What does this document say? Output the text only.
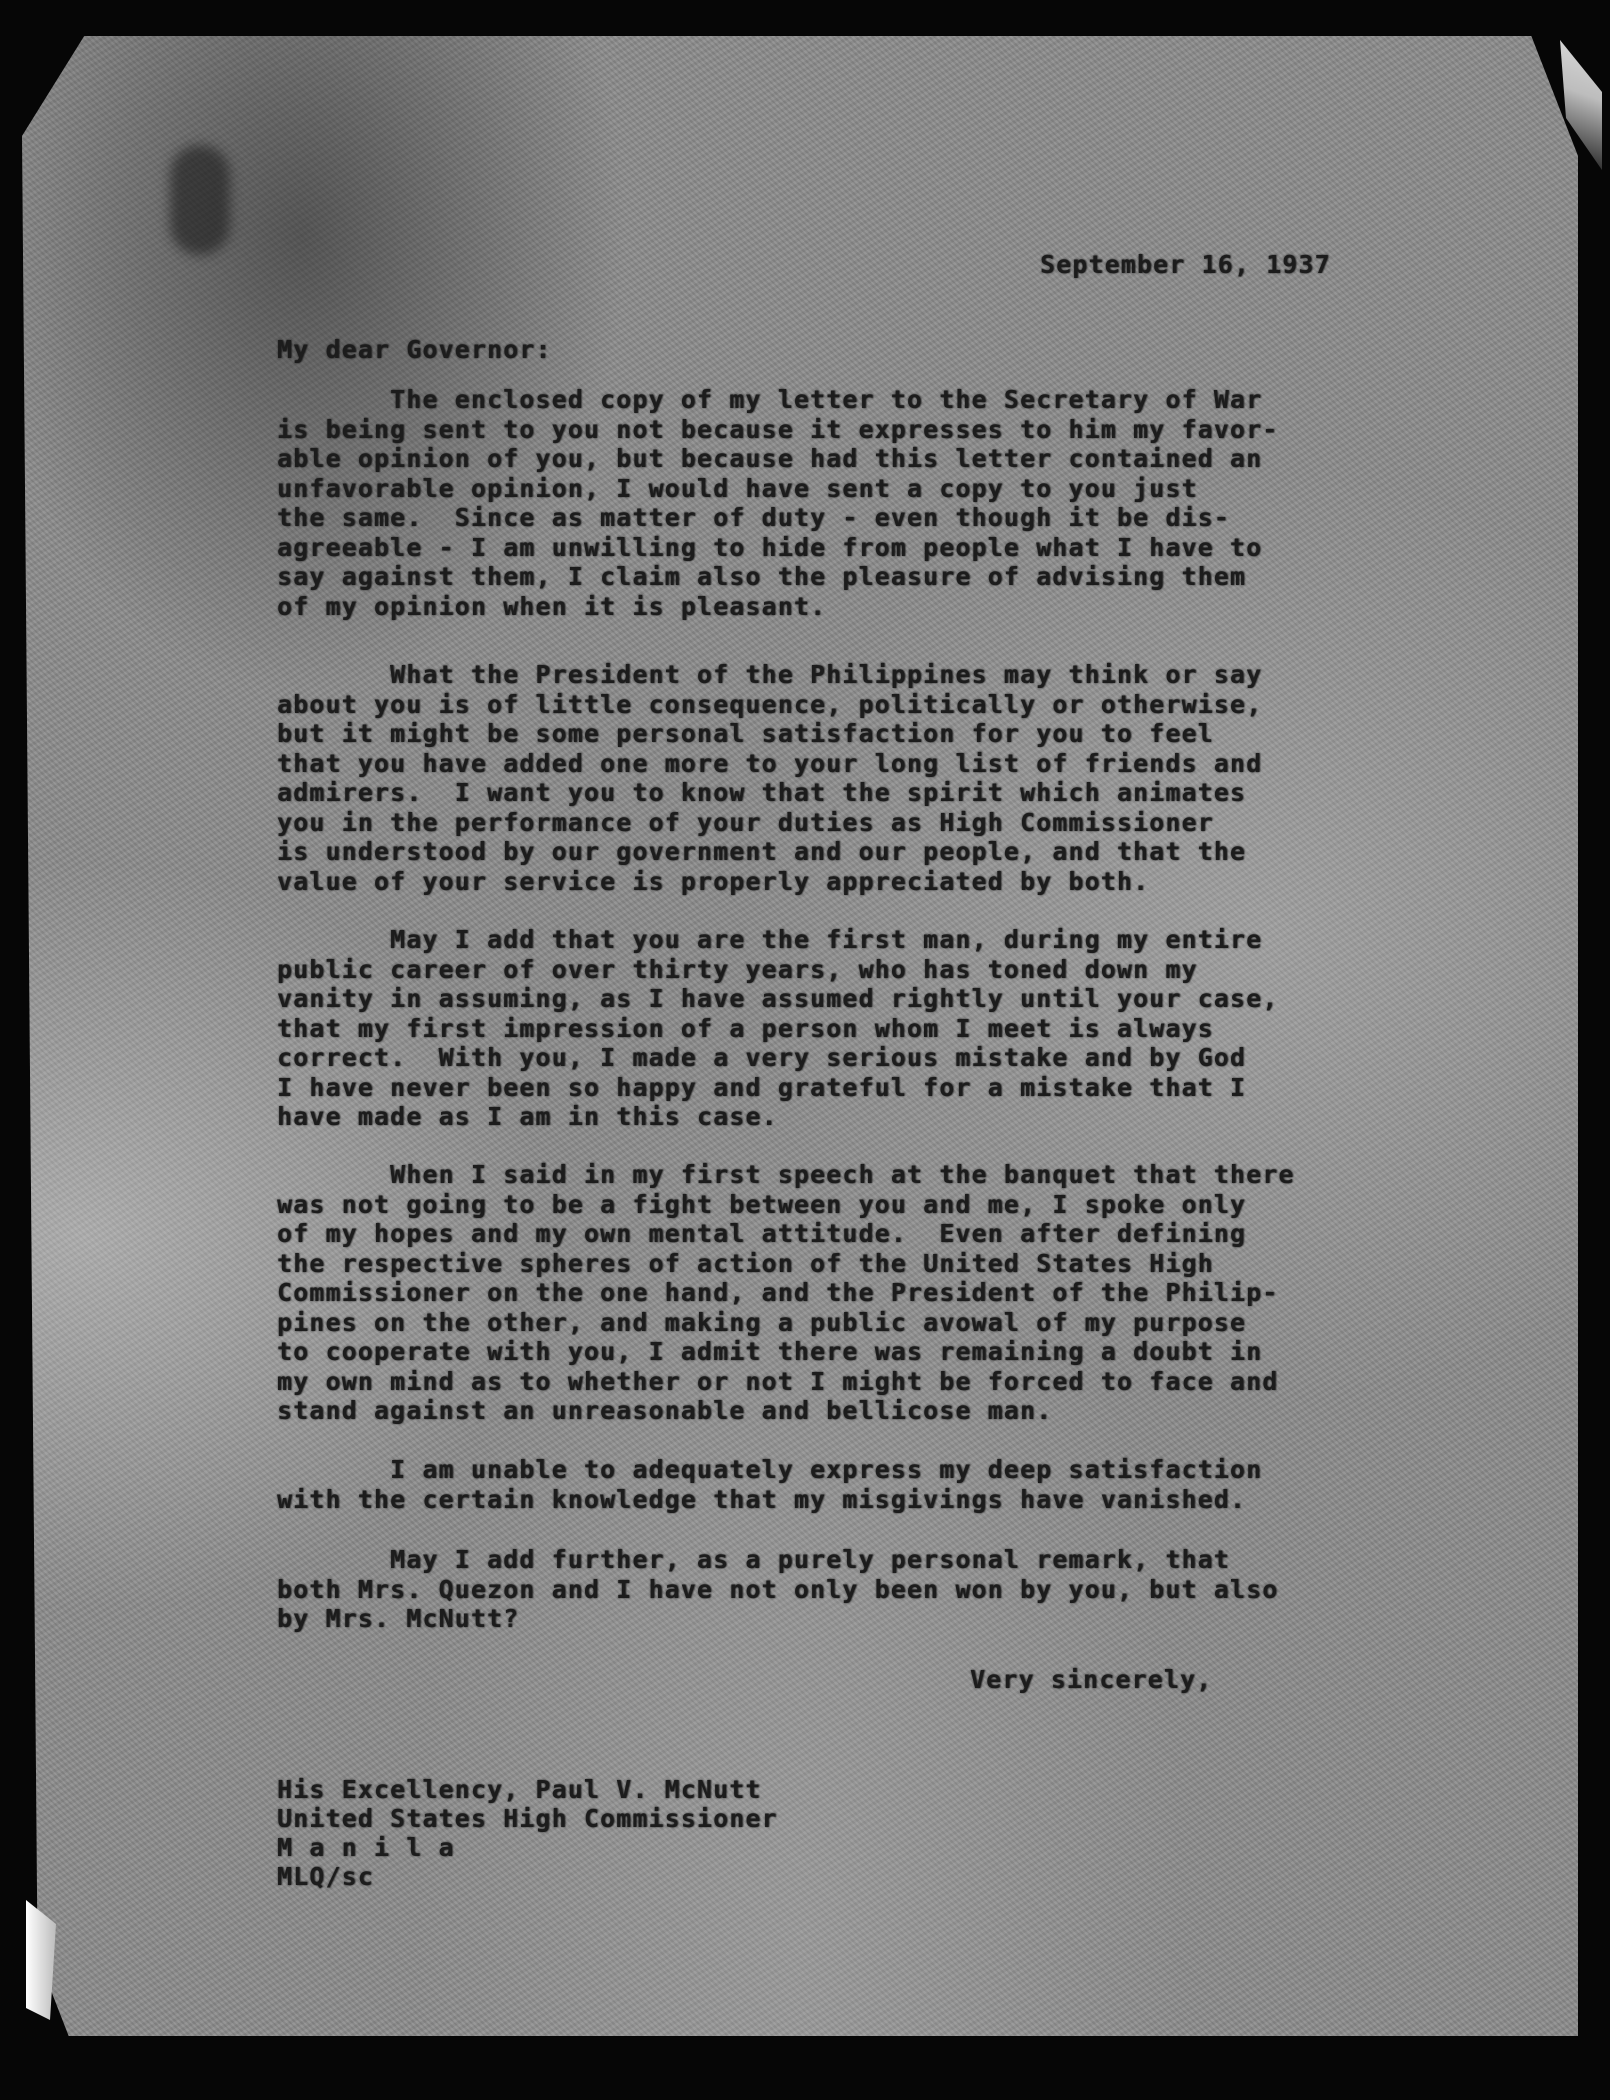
September 16, 1937
My dear Governor:
The enclosed copy of my letter to the Secretary of War
is being sent to you not because it expresses to him my favor-
able opinion of you, but because had this letter contained an
unfavorable opinion, I would have sent a copy to you just
the same.  Since as matter of duty - even though it be dis-
agreeable - I am unwilling to hide from people what I have to
say against them, I claim also the pleasure of advising them
of my opinion when it is pleasant.
What the President of the Philippines may think or say
about you is of little consequence, politically or otherwise,
but it might be some personal satisfaction for you to feel
that you have added one more to your long list of friends and
admirers.  I want you to know that the spirit which animates
you in the performance of your duties as High Commissioner
is understood by our government and our people, and that the
value of your service is properly appreciated by both.
May I add that you are the first man, during my entire
public career of over thirty years, who has toned down my
vanity in assuming, as I have assumed rightly until your case,
that my first impression of a person whom I meet is always
correct.  With you, I made a very serious mistake and by God
I have never been so happy and grateful for a mistake that I
have made as I am in this case.
When I said in my first speech at the banquet that there
was not going to be a fight between you and me, I spoke only
of my hopes and my own mental attitude.  Even after defining
the respective spheres of action of the United States High
Commissioner on the one hand, and the President of the Philip-
pines on the other, and making a public avowal of my purpose
to cooperate with you, I admit there was remaining a doubt in
my own mind as to whether or not I might be forced to face and
stand against an unreasonable and bellicose man.
I am unable to adequately express my deep satisfaction
with the certain knowledge that my misgivings have vanished.
May I add further, as a purely personal remark, that
both Mrs. Quezon and I have not only been won by you, but also
by Mrs. McNutt?
Very sincerely,
His Excellency, Paul V. McNutt
United States High Commissioner
M a n i l a
MLQ/sc
